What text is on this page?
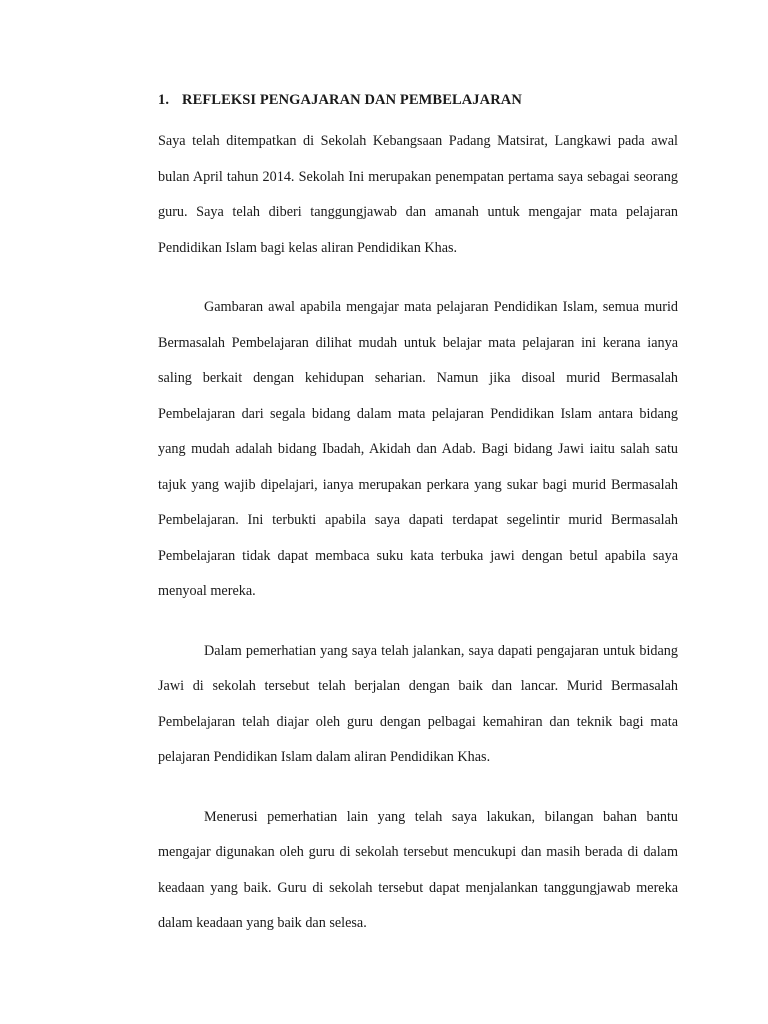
1. REFLEKSI PENGAJARAN DAN PEMBELAJARAN

Saya telah ditempatkan di Sekolah Kebangsaan Padang Matsirat, Langkawi pada awal bulan April tahun 2014. Sekolah Ini merupakan penempatan pertama saya sebagai seorang guru. Saya telah diberi tanggungjawab dan amanah untuk mengajar mata pelajaran Pendidikan Islam bagi kelas aliran Pendidikan Khas.

Gambaran awal apabila mengajar mata pelajaran Pendidikan Islam, semua murid Bermasalah Pembelajaran dilihat mudah untuk belajar mata pelajaran ini kerana ianya saling berkait dengan kehidupan seharian. Namun jika disoal murid Bermasalah Pembelajaran dari segala bidang dalam mata pelajaran Pendidikan Islam antara bidang yang mudah adalah bidang Ibadah, Akidah dan Adab. Bagi bidang Jawi iaitu salah satu tajuk yang wajib dipelajari, ianya merupakan perkara yang sukar bagi murid Bermasalah Pembelajaran. Ini terbukti apabila saya dapati terdapat segelintir murid Bermasalah Pembelajaran tidak dapat membaca suku kata terbuka jawi dengan betul apabila saya menyoal mereka.

Dalam pemerhatian yang saya telah jalankan, saya dapati pengajaran untuk bidang Jawi di sekolah tersebut telah berjalan dengan baik dan lancar. Murid Bermasalah Pembelajaran telah diajar oleh guru dengan pelbagai kemahiran dan teknik bagi mata pelajaran Pendidikan Islam dalam aliran Pendidikan Khas.

Menerusi pemerhatian lain yang telah saya lakukan, bilangan bahan bantu mengajar digunakan oleh guru di sekolah tersebut mencukupi dan masih berada di dalam keadaan yang baik. Guru di sekolah tersebut dapat menjalankan tanggungjawab mereka dalam keadaan yang baik dan selesa.
